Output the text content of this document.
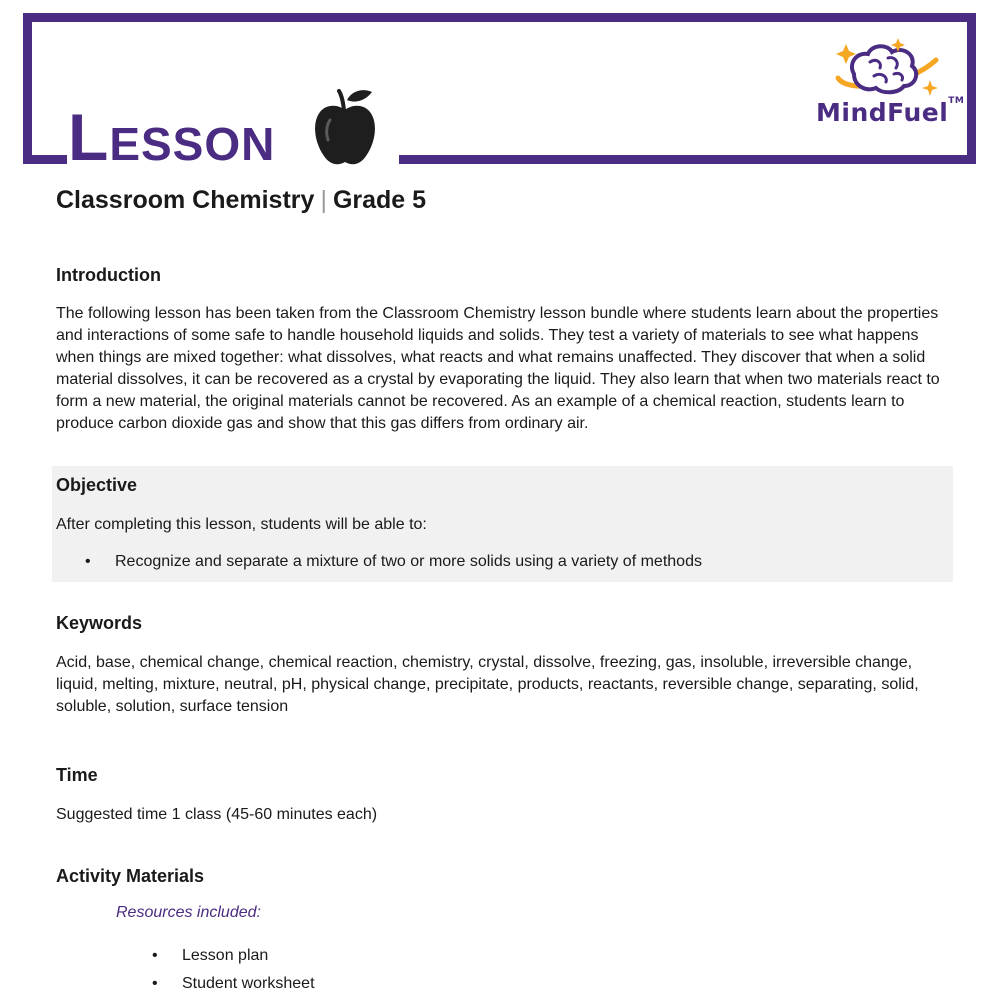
Lesson	MindFuel™
Classroom Chemistry | Grade 5
Introduction
The following lesson has been taken from the Classroom Chemistry lesson bundle where students learn about the properties and interactions of some safe to handle household liquids and solids. They test a variety of materials to see what happens when things are mixed together: what dissolves, what reacts and what remains unaffected. They discover that when a solid material dissolves, it can be recovered as a crystal by evaporating the liquid. They also learn that when two materials react to form a new material, the original materials cannot be recovered. As an example of a chemical reaction, students learn to produce carbon dioxide gas and show that this gas differs from ordinary air.
Objective
After completing this lesson, students will be able to:
• Recognize and separate a mixture of two or more solids using a variety of methods
Keywords
Acid, base, chemical change, chemical reaction, chemistry, crystal, dissolve, freezing, gas, insoluble, irreversible change, liquid, melting, mixture, neutral, pH, physical change, precipitate, products, reactants, reversible change, separating, solid, soluble, solution, surface tension
Time
Suggested time 1 class (45-60 minutes each)
Activity Materials
Resources included:
• Lesson plan
• Student worksheet
